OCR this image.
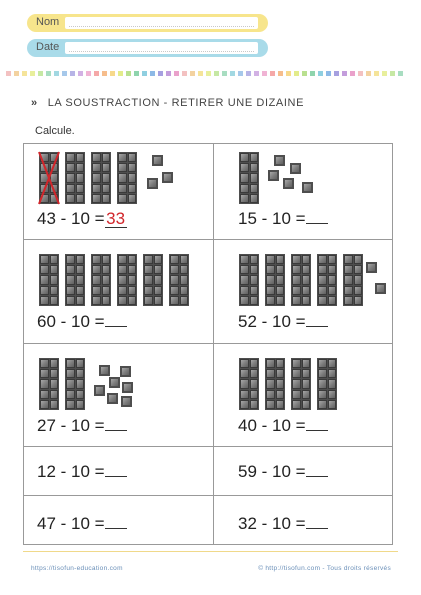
Nom
Date
» LA SOUSTRACTION - RETIRER UNE DIZAINE
Calcule.
43 - 10 =33	15 - 10 =
60 - 10 =	52 - 10 =
27 - 10 =	40 - 10 =
12 - 10 =	59 - 10 =
47 - 10 =	32 - 10 =
https://tisofun-education.com	© http://tisofun.com - Tous droits réservés
